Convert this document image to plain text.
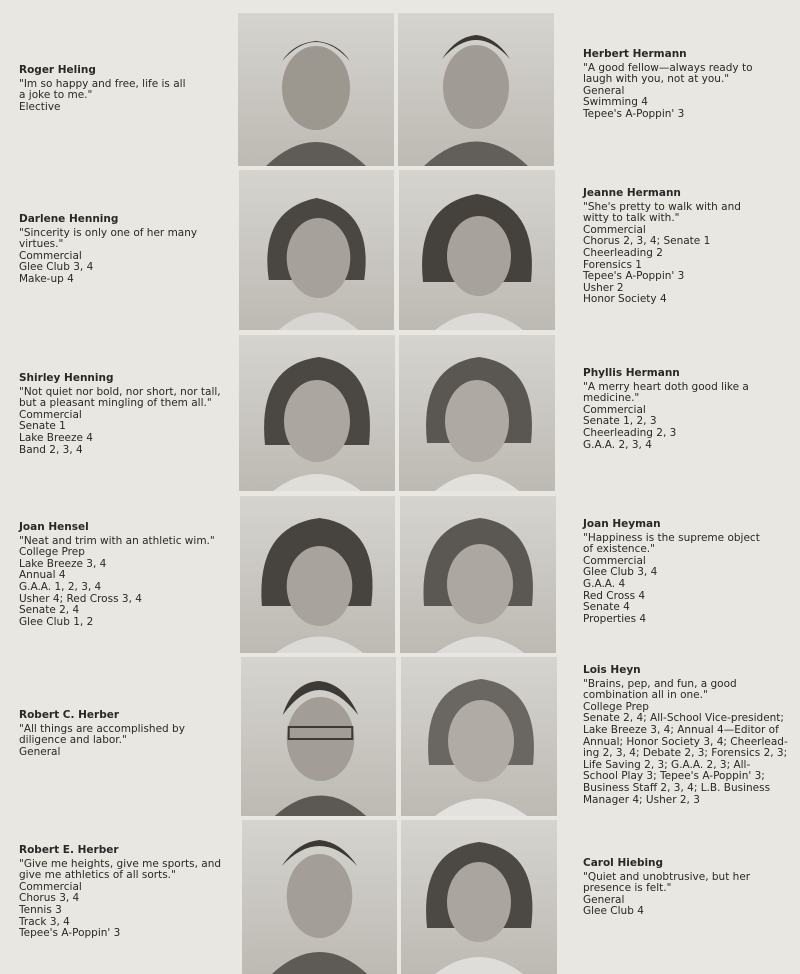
Roger Heling
"Im so happy and free, life is all
a joke to me."
Elective
Darlene Henning
"Sincerity is only one of her many
virtues."
Commercial
Glee Club 3, 4
Make-up 4
Shirley Henning
"Not quiet nor bold, nor short, nor tall,
but a pleasant mingling of them all."
Commercial
Senate 1
Lake Breeze 4
Band 2, 3, 4
Joan Hensel
"Neat and trim with an athletic wim."
College Prep
Lake Breeze 3, 4
Annual 4
G.A.A. 1, 2, 3, 4
Usher 4; Red Cross 3, 4
Senate 2, 4
Glee Club 1, 2
Robert C. Herber
"All things are accomplished by
diligence and labor."
General
Robert E. Herber
"Give me heights, give me sports, and
give me athletics of all sorts."
Commercial
Chorus 3, 4
Tennis 3
Track 3, 4
Tepee's A-Poppin' 3
Herbert Hermann
"A good fellow—always ready to
laugh with you, not at you."
General
Swimming 4
Tepee's A-Poppin' 3
Jeanne Hermann
"She's pretty to walk with and
witty to talk with."
Commercial
Chorus 2, 3, 4; Senate 1
Cheerleading 2
Forensics 1
Tepee's A-Poppin' 3
Usher 2
Honor Society 4
Phyllis Hermann
"A merry heart doth good like a
medicine."
Commercial
Senate 1, 2, 3
Cheerleading 2, 3
G.A.A. 2, 3, 4
Joan Heyman
"Happiness is the supreme object
of existence."
Commercial
Glee Club 3, 4
G.A.A. 4
Red Cross 4
Senate 4
Properties 4
Lois Heyn
"Brains, pep, and fun, a good
combination all in one."
College Prep
Senate 2, 4; All-School Vice-president;
Lake Breeze 3, 4; Annual 4—Editor of
Annual; Honor Society 3, 4; Cheerlead-
ing 2, 3, 4; Debate 2, 3; Forensics 2, 3;
Life Saving 2, 3; G.A.A. 2, 3; All-
School Play 3; Tepee's A-Poppin' 3;
Business Staff 2, 3, 4; L.B. Business
Manager 4; Usher 2, 3
Carol Hiebing
"Quiet and unobtrusive, but her
presence is felt."
General
Glee Club 4
